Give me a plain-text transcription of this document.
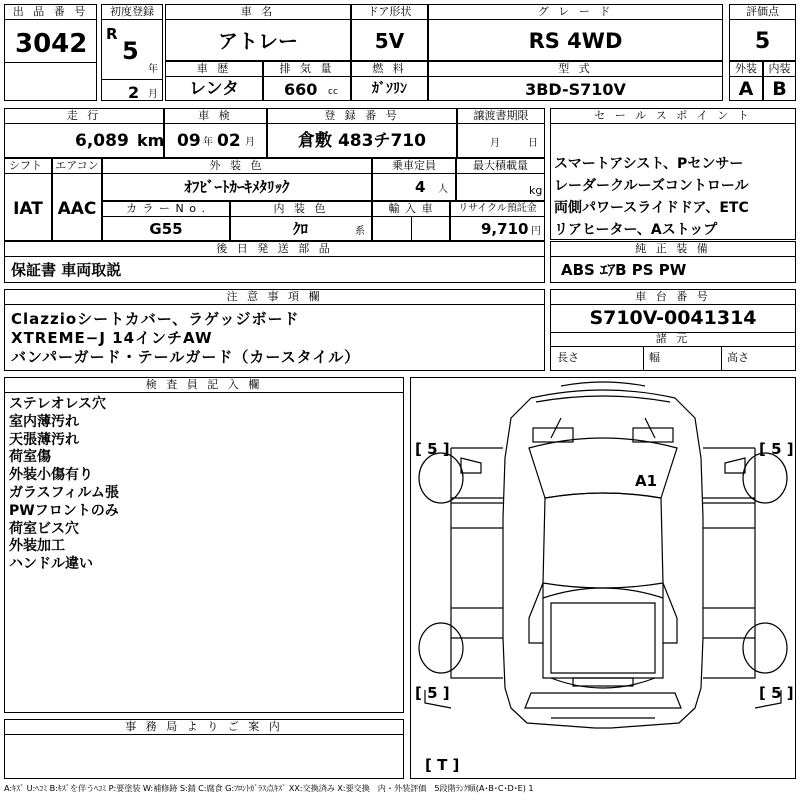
出 品 番 号
3042
初度登録
R
5
年
2 月
車 名
アトレー
ドア形状
5V
グ レ ー ド
RS 4WD
評価点
5
車 歴
レンタ
排 気 量
660 cc
燃 料
ｶﾞｿﾘﾝ
型 式
3BD-S710V
外装
A
内装
B
走 行
6,089 km
車 検
09 年 02 月
登 録 番 号
倉敷 483チ710
譲渡書期限
月	日
セ ー ル ス ポ イ ン ト
スマートアシスト、Pセンサー
レーダークルーズコントロール
両側パワースライドドア、ETC
リアヒーター、Aストップ
シフト
IAT
エアコン
AAC
外 装 色
ｵﾌﾋﾞｰﾄｶｰｷﾒﾀﾘｯｸ
乗車定員
4 人
最大積載量
kg
カ ラ ー N o .
G55
内 装 色
ｸﾛ	系
輸 入 車	リサイクル預託金
9,710 円
後 日 発 送 部 品
保証書 車両取説
純 正 装 備
ABS ｴｱB PS PW
注 意 事 項 欄
Clazzioシートカバー、ラゲッジボード
XTREME−J 14インチAW
バンパーガード・テールガード（カースタイル）
車 台 番 号
S710V-0041314
諸 元
長さ	幅	高さ
検 査 員 記 入 欄
ステレオレス穴
室内薄汚れ
天張薄汚れ
荷室傷
外装小傷有り
ガラスフィルム張
PWフロントのみ
荷室ビス穴
外装加工
ハンドル違い
[ 5 ]	[ 5 ]
[ 5 ]	[ 5 ]
[ T ]
A1
事 務 局 よ り ご 案 内
A:ｷｽﾞ U:ﾍｺﾐ B:ｷｽﾞを伴うﾍｺﾐ P:要塗装 W:補修跡 S:錆 C:腐食 G:ﾌﾛﾝﾄｶﾞﾗｽ点ｷｽﾞ XX:交換済み X:要交換　内・外装評価　5段階ﾗﾝｸ順(A･B･C･D･E) 1
